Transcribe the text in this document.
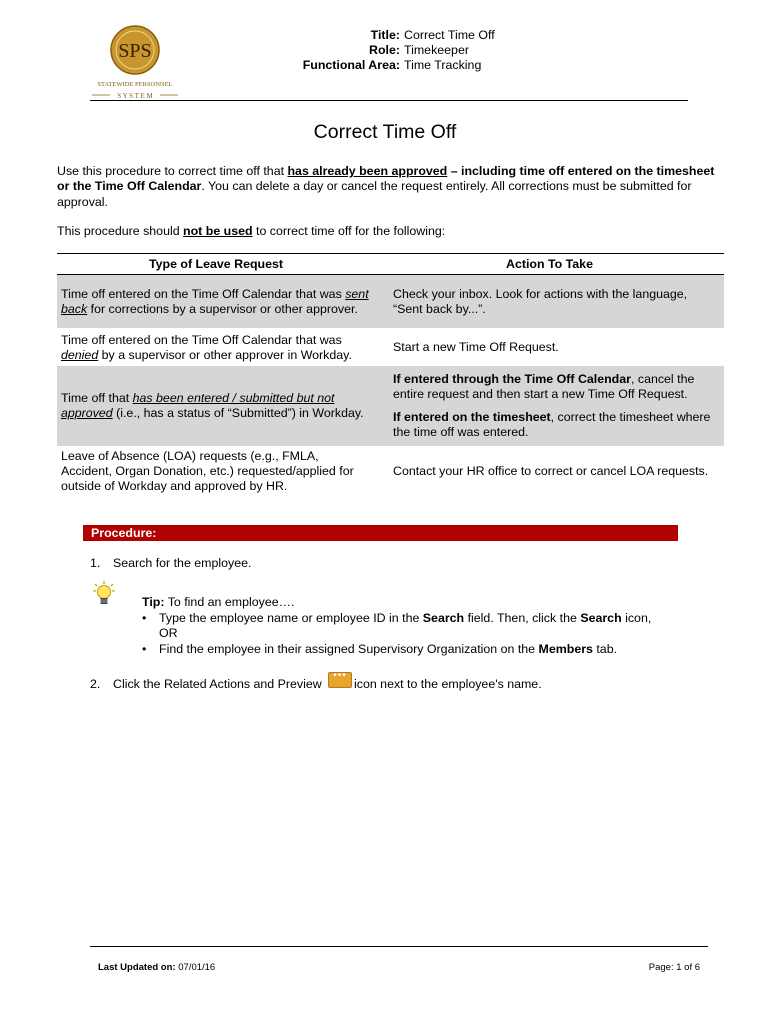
SPS
STATEWIDE PERSONNEL
S Y S T E M
Title: Correct Time Off
Role: Timekeeper
Functional Area: Time Tracking
Correct Time Off
Use this procedure to correct time off that has already been approved – including time off entered on the timesheet or the Time Off Calendar. You can delete a day or cancel the request entirely. All corrections must be submitted for approval.
This procedure should not be used to correct time off for the following:
Type of Leave Request	Action To Take
Time off entered on the Time Off Calendar that was sent back for corrections by a supervisor or other approver.	Check your inbox. Look for actions with the language, “Sent back by...”.
Time off entered on the Time Off Calendar that was denied by a supervisor or other approver in Workday.	Start a new Time Off Request.
Time off that has been entered / submitted but not approved (i.e., has a status of “Submitted”) in Workday.	If entered through the Time Off Calendar, cancel the entire request and then start a new Time Off Request.

If entered on the timesheet, correct the timesheet where the time off was entered.

Leave of Absence (LOA) requests (e.g., FMLA, Accident, Organ Donation, etc.) requested/applied for outside of Workday and approved by HR.	Contact your HR office to correct or cancel LOA requests.
Procedure:
1. Search for the employee.
Tip: To find an employee….
• Type the employee name or employee ID in the Search field. Then, click the Search icon,
OR
• Find the employee in their assigned Supervisory Organization on the Members tab.
2. Click the Related Actions and Preview
•••
icon next to the employee's name.
Last Updated on: 07/01/16	Page: 1 of 6
